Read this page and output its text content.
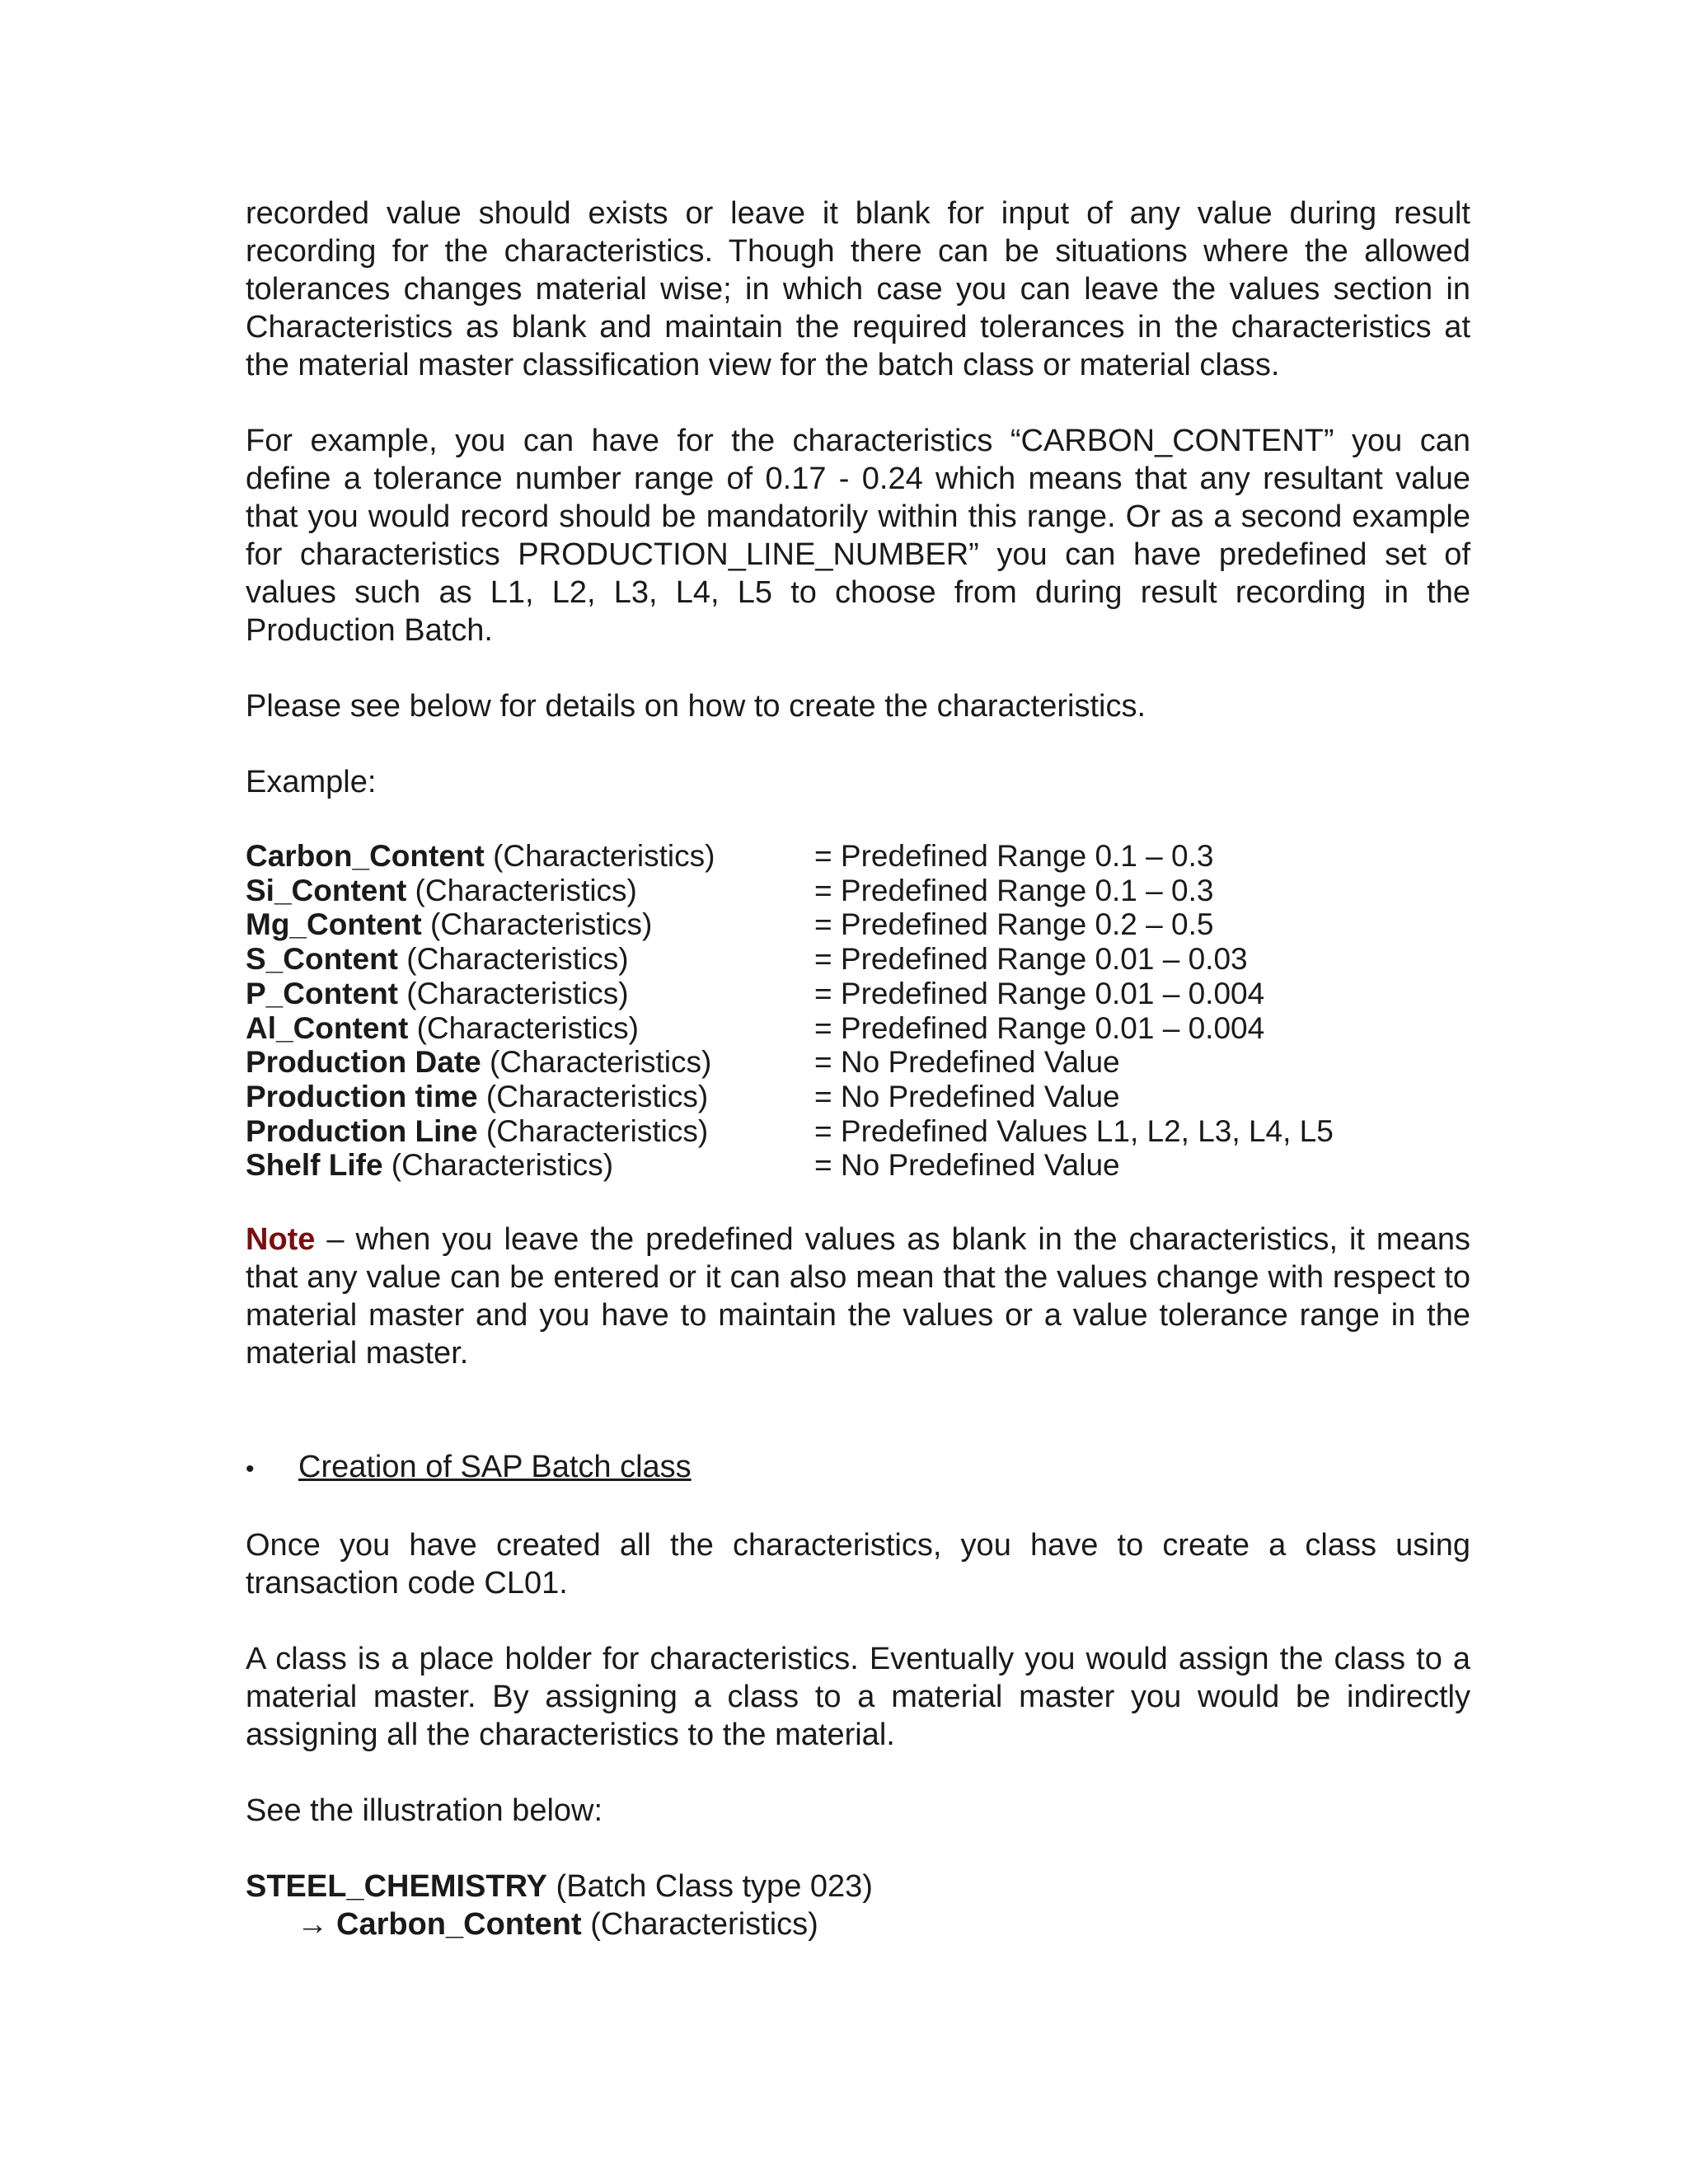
recorded value should exists or leave it blank for input of any value during result recording for the characteristics. Though there can be situations where the allowed tolerances changes material wise; in which case you can leave the values section in Characteristics as blank and maintain the required tolerances in the characteristics at the material master classification view for the batch class or material class.

For example, you can have for the characteristics “CARBON_CONTENT” you can define a tolerance number range of 0.17 - 0.24 which means that any resultant value that you would record should be mandatorily within this range. Or as a second example for characteristics PRODUCTION_LINE_NUMBER” you can have predefined set of values such as L1, L2, L3, L4, L5 to choose from during result recording in the Production Batch.

Please see below for details on how to create the characteristics.

Example:

Carbon_Content (Characteristics)	= Predefined Range 0.1 – 0.3
Si_Content (Characteristics)	= Predefined Range 0.1 – 0.3
Mg_Content (Characteristics)	= Predefined Range 0.2 – 0.5
S_Content (Characteristics)	= Predefined Range 0.01 – 0.03
P_Content (Characteristics)	= Predefined Range 0.01 – 0.004
Al_Content (Characteristics)	= Predefined Range 0.01 – 0.004
Production Date (Characteristics)	= No Predefined Value
Production time (Characteristics)	= No Predefined Value
Production Line (Characteristics)	= Predefined Values L1, L2, L3, L4, L5
Shelf Life (Characteristics)	= No Predefined Value

Note – when you leave the predefined values as blank in the characteristics, it means that any value can be entered or it can also mean that the values change with respect to material master and you have to maintain the values or a value tolerance range in the material master.

•	Creation of SAP Batch class

Once you have created all the characteristics, you have to create a class using transaction code CL01.

A class is a place holder for characteristics. Eventually you would assign the class to a material master. By assigning a class to a material master you would be indirectly assigning all the characteristics to the material.

See the illustration below:

STEEL_CHEMISTRY (Batch Class type 023)
→ Carbon_Content (Characteristics)
